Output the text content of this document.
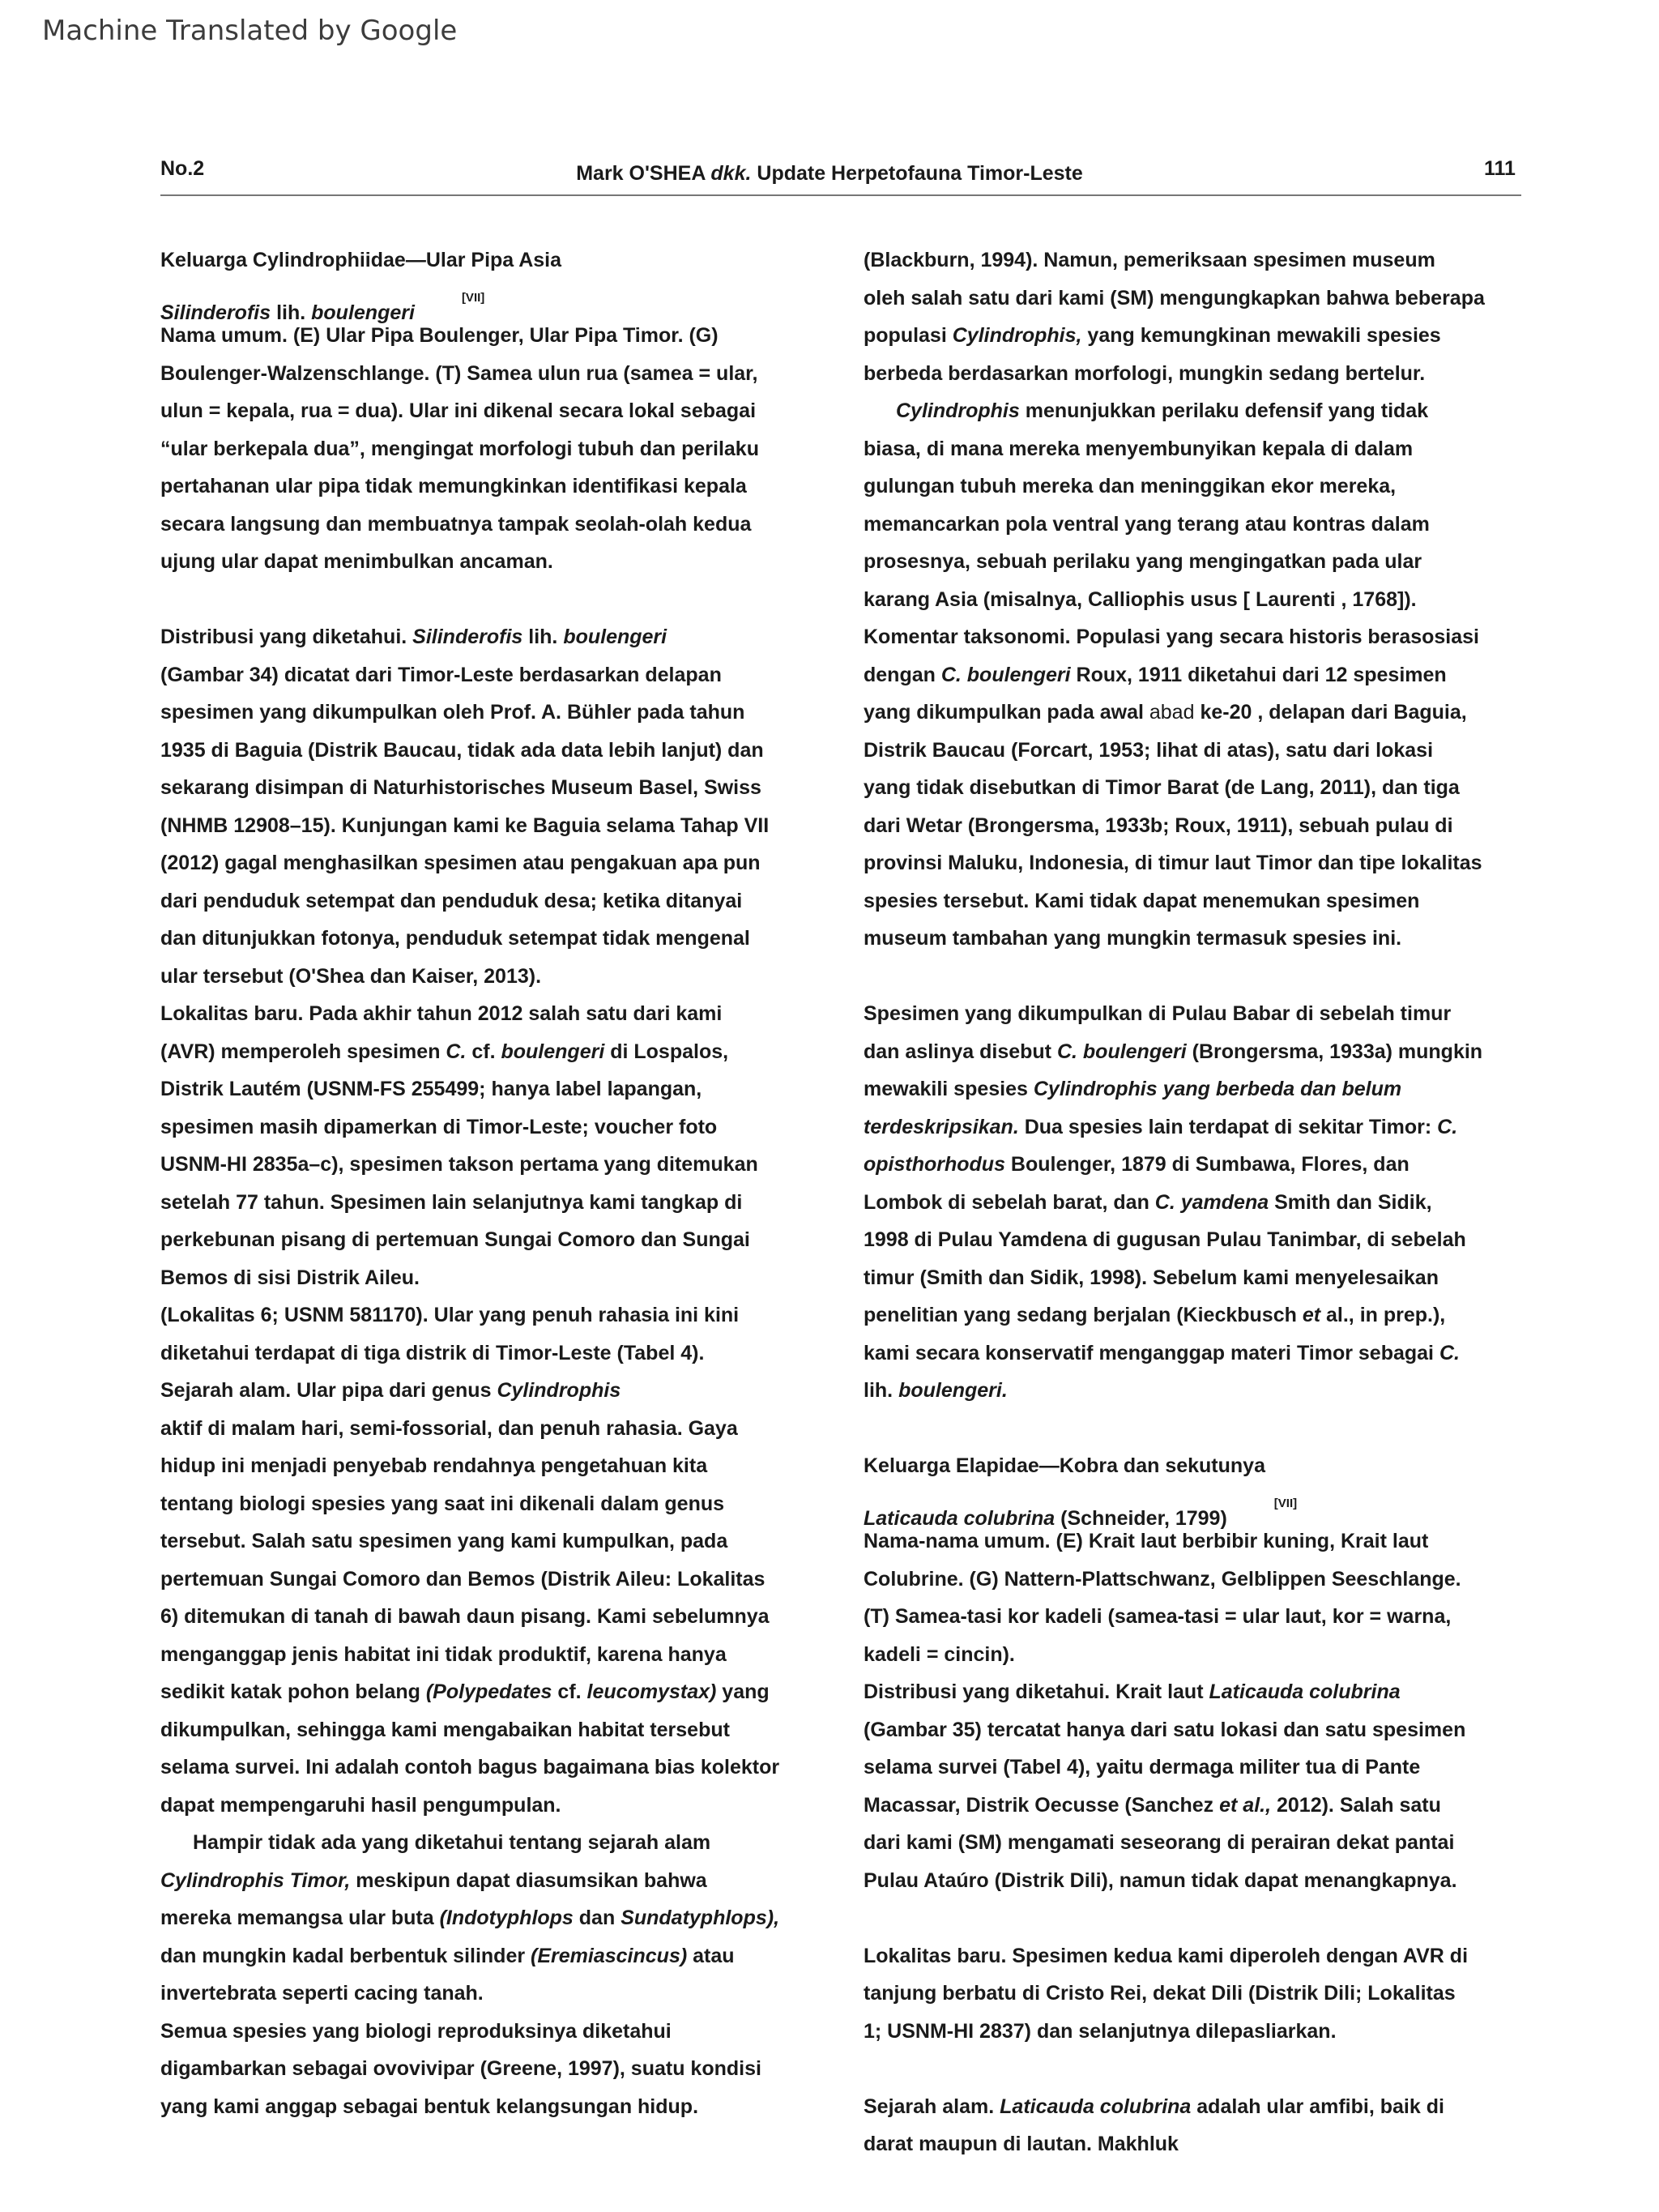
Machine Translated by Google
No.2	Mark O'SHEA dkk. Update Herpetofauna Timor-Leste	111
Keluarga Cylindrophiidae—Ular Pipa Asia
Silinderofis lih. boulengeri[VII]
Nama umum. (E) Ular Pipa Boulenger, Ular Pipa Timor. (G)
Boulenger-Walzenschlange. (T) Samea ulun rua (samea = ular,
ulun = kepala, rua = dua). Ular ini dikenal secara lokal sebagai
“ular berkepala dua”, mengingat morfologi tubuh dan perilaku
pertahanan ular pipa tidak memungkinkan identifikasi kepala
secara langsung dan membuatnya tampak seolah-olah kedua
ujung ular dapat menimbulkan ancaman.
Distribusi yang diketahui. Silinderofis lih. boulengeri
(Gambar 34) dicatat dari Timor-Leste berdasarkan delapan
spesimen yang dikumpulkan oleh Prof. A. Bühler pada tahun
1935 di Baguia (Distrik Baucau, tidak ada data lebih lanjut) dan
sekarang disimpan di Naturhistorisches Museum Basel, Swiss
(NHMB 12908–15). Kunjungan kami ke Baguia selama Tahap VII
(2012) gagal menghasilkan spesimen atau pengakuan apa pun
dari penduduk setempat dan penduduk desa; ketika ditanyai
dan ditunjukkan fotonya, penduduk setempat tidak mengenal
ular tersebut (O'Shea dan Kaiser, 2013).
Lokalitas baru. Pada akhir tahun 2012 salah satu dari kami
(AVR) memperoleh spesimen C. cf. boulengeri di Lospalos,
Distrik Lautém (USNM-FS 255499; hanya label lapangan,
spesimen masih dipamerkan di Timor-Leste; voucher foto
USNM-HI 2835a–c), spesimen takson pertama yang ditemukan
setelah 77 tahun. Spesimen lain selanjutnya kami tangkap di
perkebunan pisang di pertemuan Sungai Comoro dan Sungai
Bemos di sisi Distrik Aileu.
(Lokalitas 6; USNM 581170). Ular yang penuh rahasia ini kini
diketahui terdapat di tiga distrik di Timor-Leste (Tabel 4).
Sejarah alam. Ular pipa dari genus Cylindrophis
aktif di malam hari, semi-fossorial, dan penuh rahasia. Gaya
hidup ini menjadi penyebab rendahnya pengetahuan kita
tentang biologi spesies yang saat ini dikenali dalam genus
tersebut. Salah satu spesimen yang kami kumpulkan, pada
pertemuan Sungai Comoro dan Bemos (Distrik Aileu: Lokalitas
6) ditemukan di tanah di bawah daun pisang. Kami sebelumnya
menganggap jenis habitat ini tidak produktif, karena hanya
sedikit katak pohon belang (Polypedates cf. leucomystax) yang
dikumpulkan, sehingga kami mengabaikan habitat tersebut
selama survei. Ini adalah contoh bagus bagaimana bias kolektor
dapat mempengaruhi hasil pengumpulan.
Hampir tidak ada yang diketahui tentang sejarah alam
Cylindrophis Timor, meskipun dapat diasumsikan bahwa
mereka memangsa ular buta (Indotyphlops dan Sundatyphlops),
dan mungkin kadal berbentuk silinder (Eremiascincus) atau
invertebrata seperti cacing tanah.
Semua spesies yang biologi reproduksinya diketahui
digambarkan sebagai ovovivipar (Greene, 1997), suatu kondisi
yang kami anggap sebagai bentuk kelangsungan hidup.
(Blackburn, 1994). Namun, pemeriksaan spesimen museum
oleh salah satu dari kami (SM) mengungkapkan bahwa beberapa
populasi Cylindrophis, yang kemungkinan mewakili spesies
berbeda berdasarkan morfologi, mungkin sedang bertelur.
Cylindrophis menunjukkan perilaku defensif yang tidak
biasa, di mana mereka menyembunyikan kepala di dalam
gulungan tubuh mereka dan meninggikan ekor mereka,
memancarkan pola ventral yang terang atau kontras dalam
prosesnya, sebuah perilaku yang mengingatkan pada ular
karang Asia (misalnya, Calliophis usus [ Laurenti , 1768]).
Komentar taksonomi. Populasi yang secara historis berasosiasi
dengan C. boulengeri Roux, 1911 diketahui dari 12 spesimen
yang dikumpulkan pada awal abad ke-20 , delapan dari Baguia,
Distrik Baucau (Forcart, 1953; lihat di atas), satu dari lokasi
yang tidak disebutkan di Timor Barat (de Lang, 2011), dan tiga
dari Wetar (Brongersma, 1933b; Roux, 1911), sebuah pulau di
provinsi Maluku, Indonesia, di timur laut Timor dan tipe lokalitas
spesies tersebut. Kami tidak dapat menemukan spesimen
museum tambahan yang mungkin termasuk spesies ini.
Spesimen yang dikumpulkan di Pulau Babar di sebelah timur
dan aslinya disebut C. boulengeri (Brongersma, 1933a) mungkin
mewakili spesies Cylindrophis yang berbeda dan belum
terdeskripsikan. Dua spesies lain terdapat di sekitar Timor: C.
opisthorhodus Boulenger, 1879 di Sumbawa, Flores, dan
Lombok di sebelah barat, dan C. yamdena Smith dan Sidik,
1998 di Pulau Yamdena di gugusan Pulau Tanimbar, di sebelah
timur (Smith dan Sidik, 1998). Sebelum kami menyelesaikan
penelitian yang sedang berjalan (Kieckbusch et al., in prep.),
kami secara konservatif menganggap materi Timor sebagai C.
lih. boulengeri.
Keluarga Elapidae—Kobra dan sekutunya
Laticauda colubrina (Schneider, 1799)[VII]
Nama-nama umum. (E) Krait laut berbibir kuning, Krait laut
Colubrine. (G) Nattern-Plattschwanz, Gelblippen Seeschlange.
(T) Samea-tasi kor kadeli (samea-tasi = ular laut, kor = warna,
kadeli = cincin).
Distribusi yang diketahui. Krait laut Laticauda colubrina
(Gambar 35) tercatat hanya dari satu lokasi dan satu spesimen
selama survei (Tabel 4), yaitu dermaga militer tua di Pante
Macassar, Distrik Oecusse (Sanchez et al., 2012). Salah satu
dari kami (SM) mengamati seseorang di perairan dekat pantai
Pulau Ataúro (Distrik Dili), namun tidak dapat menangkapnya.
Lokalitas baru. Spesimen kedua kami diperoleh dengan AVR di
tanjung berbatu di Cristo Rei, dekat Dili (Distrik Dili; Lokalitas
1; USNM-HI 2837) dan selanjutnya dilepasliarkan.
Sejarah alam. Laticauda colubrina adalah ular amfibi, baik di
darat maupun di lautan. Makhluk
